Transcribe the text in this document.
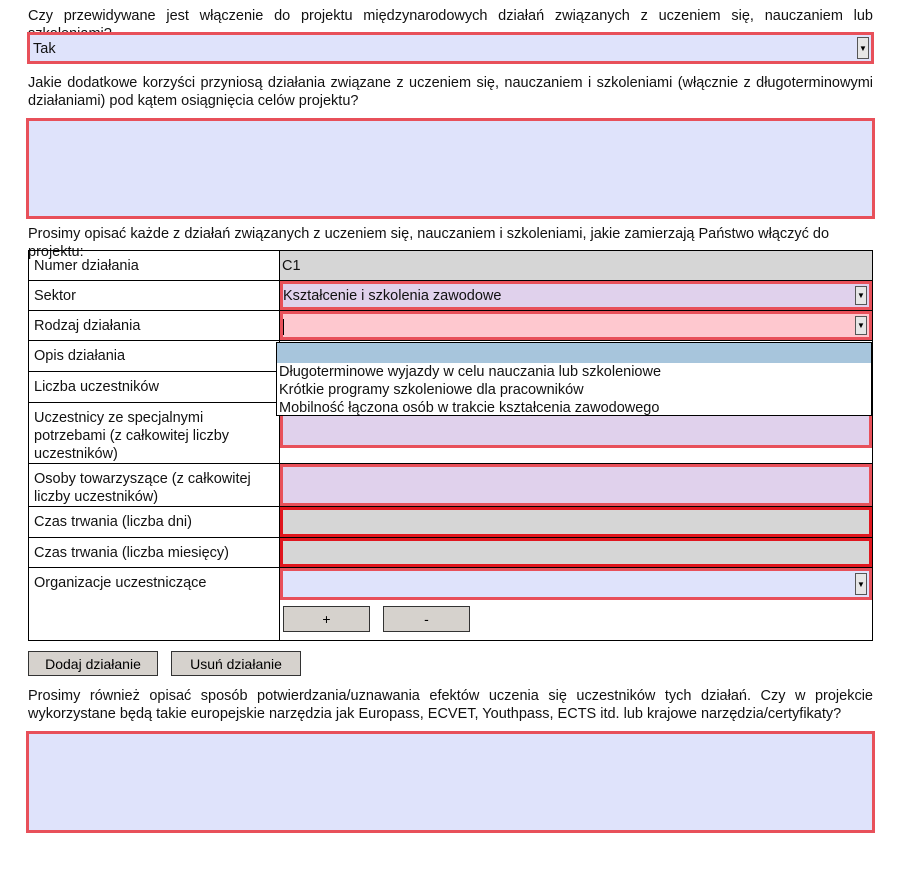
Czy przewidywane jest włączenie do projektu międzynarodowych działań związanych z uczeniem się, nauczaniem lub
Tak	▼
Jakie dodatkowe korzyści przyniosą działania związane z uczeniem się, nauczaniem i szkoleniami (włącznie z długoterminowymi działaniami) pod kątem osiągnięcia celów projektu?
Prosimy opisać każde z działań związanych z uczeniem się, nauczaniem i szkoleniami, jakie zamierzają Państwo włączyć do projektu:
Numer działania	C1

Sektor	Kształcenie i szkolenia zawodowe ▼

Rodzaj działania	▼

Opis działania	
Liczba uczestników	
Uczestnicy ze specjalnymi potrzebami (z całkowitej liczby uczestników)	

Osoby towarzyszące (z całkowitej liczby uczestników)	

Czas trwania (liczba dni)	

Czas trwania (liczba miesięcy)	

Organizacje uczestniczące	▼
+ -
Długoterminowe wyjazdy w celu nauczania lub szkoleniowe
Krótkie programy szkoleniowe dla pracowników
Mobilność łączona osób w trakcie kształcenia zawodowego
Dodaj działanie	Usuń działanie
Prosimy również opisać sposób potwierdzania/uznawania efektów uczenia się uczestników tych działań. Czy w projekcie wykorzystane będą takie europejskie narzędzia jak Europass, ECVET, Youthpass, ECTS itd. lub krajowe narzędzia/certyfikaty?
